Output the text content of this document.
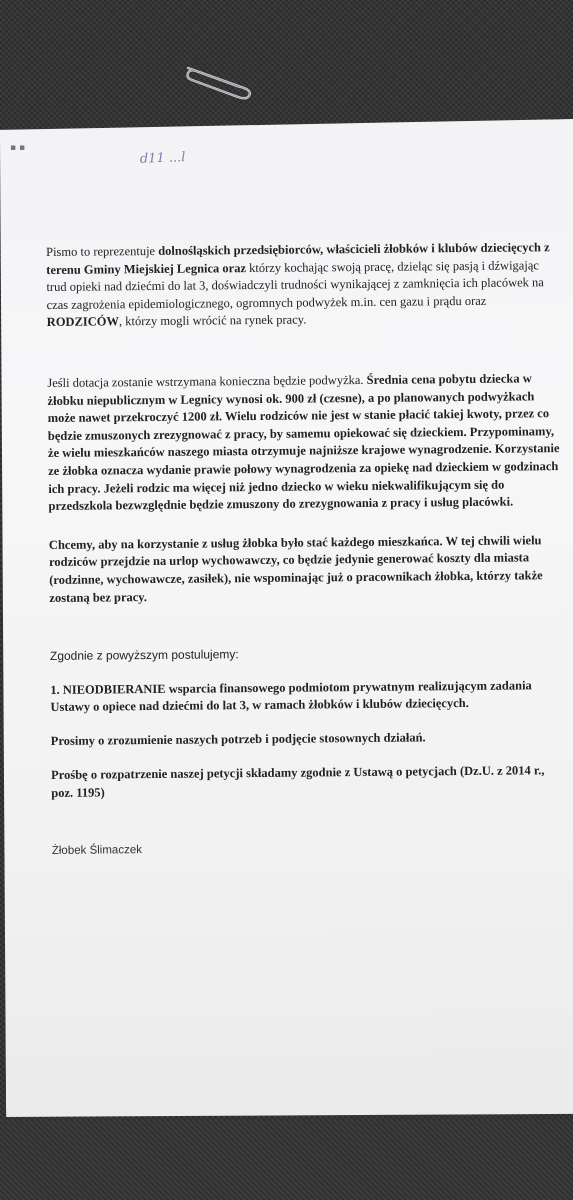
▪ ▪
d11 ...l

Pismo to reprezentuje dolnośląskich przedsiębiorców, właścicieli żłobków i klubów dziecięcych z terenu Gminy Miejskiej Legnica oraz którzy kochając swoją pracę, dzieląc się pasją i dźwigając trud opieki nad dziećmi do lat 3, doświadczyli trudności wynikającej z zamknięcia ich placówek na czas zagrożenia epidemiologicznego, ogromnych podwyżek m.in. cen gazu i prądu oraz RODZICÓW, którzy mogli wrócić na rynek pracy.

Jeśli dotacja zostanie wstrzymana konieczna będzie podwyżka. Średnia cena pobytu dziecka w żłobku niepublicznym w Legnicy wynosi ok. 900 zł (czesne), a po planowanych podwyżkach może nawet przekroczyć 1200 zł. Wielu rodziców nie jest w stanie płacić takiej kwoty, przez co będzie zmuszonych zrezygnować z pracy, by samemu opiekować się dzieckiem. Przypominamy, że wielu mieszkańców naszego miasta otrzymuje najniższe krajowe wynagrodzenie. Korzystanie ze żłobka oznacza wydanie prawie połowy wynagrodzenia za opiekę nad dzieckiem w godzinach ich pracy. Jeżeli rodzic ma więcej niż jedno dziecko w wieku niekwalifikującym się do przedszkola bezwzględnie będzie zmuszony do zrezygnowania z pracy i usług placówki.

Chcemy, aby na korzystanie z usług żłobka było stać każdego mieszkańca. W tej chwili wielu rodziców przejdzie na urlop wychowawczy, co będzie jedynie generować koszty dla miasta (rodzinne, wychowawcze, zasiłek), nie wspominając już o pracownikach żłobka, którzy także zostaną bez pracy.

Zgodnie z powyższym postulujemy:

1. NIEODBIERANIE wsparcia finansowego podmiotom prywatnym realizującym zadania Ustawy o opiece nad dziećmi do lat 3, w ramach żłobków i klubów dziecięcych.

Prosimy o zrozumienie naszych potrzeb i podjęcie stosownych działań.

Prośbę o rozpatrzenie naszej petycji składamy zgodnie z Ustawą o petycjach (Dz.U. z 2014 r., poz. 1195)

Żłobek Ślimaczek
